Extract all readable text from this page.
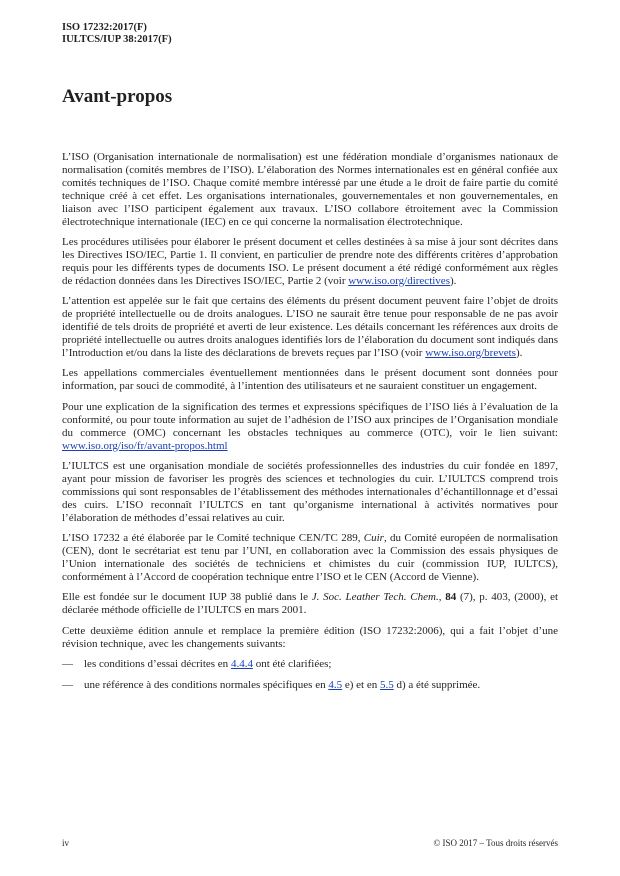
ISO 17232:2017(F)
IULTCS/IUP 38:2017(F)
Avant-propos

L’ISO (Organisation internationale de normalisation) est une fédération mondiale d’organismes nationaux de normalisation (comités membres de l’ISO). L’élaboration des Normes internationales est en général confiée aux comités techniques de l’ISO. Chaque comité membre intéressé par une étude a le droit de faire partie du comité technique créé à cet effet. Les organisations internationales, gouvernementales et non gouvernementales, en liaison avec l’ISO participent également aux travaux. L’ISO collabore étroitement avec la Commission électrotechnique internationale (IEC) en ce qui concerne la normalisation électrotechnique.

Les procédures utilisées pour élaborer le présent document et celles destinées à sa mise à jour sont décrites dans les Directives ISO/IEC, Partie 1. Il convient, en particulier de prendre note des différents critères d’approbation requis pour les différents types de documents ISO. Le présent document a été rédigé conformément aux règles de rédaction données dans les Directives ISO/IEC, Partie 2 (voir www.iso.org/directives).

L’attention est appelée sur le fait que certains des éléments du présent document peuvent faire l’objet de droits de propriété intellectuelle ou de droits analogues. L’ISO ne saurait être tenue pour responsable de ne pas avoir identifié de tels droits de propriété et averti de leur existence. Les détails concernant les références aux droits de propriété intellectuelle ou autres droits analogues identifiés lors de l’élaboration du document sont indiqués dans l’Introduction et/ou dans la liste des déclarations de brevets reçues par l’ISO (voir www.iso.org/brevets).

Les appellations commerciales éventuellement mentionnées dans le présent document sont données pour information, par souci de commodité, à l’intention des utilisateurs et ne sauraient constituer un engagement.

Pour une explication de la signification des termes et expressions spécifiques de l’ISO liés à l’évaluation de la conformité, ou pour toute information au sujet de l’adhésion de l’ISO aux principes de l’Organisation mondiale du commerce (OMC) concernant les obstacles techniques au commerce (OTC), voir le lien suivant: www.iso.org/iso/fr/avant-propos.html

L’IULTCS est une organisation mondiale de sociétés professionnelles des industries du cuir fondée en 1897, ayant pour mission de favoriser les progrès des sciences et technologies du cuir. L’IULTCS comprend trois commissions qui sont responsables de l’établissement des méthodes internationales d’échantillonnage et d’essai des cuirs. L’ISO reconnaît l’IULTCS en tant qu’organisme international à activités normatives pour l’élaboration de méthodes d’essai relatives au cuir.

L’ISO 17232 a été élaborée par le Comité technique CEN/TC 289, Cuir, du Comité européen de normalisation (CEN), dont le secrétariat est tenu par l’UNI, en collaboration avec la Commission des essais physiques de l’Union internationale des sociétés de techniciens et chimistes du cuir (commission IUP, IULTCS), conformément à l’Accord de coopération technique entre l’ISO et le CEN (Accord de Vienne).

Elle est fondée sur le document IUP 38 publié dans le J. Soc. Leather Tech. Chem., 84 (7), p. 403, (2000), et déclarée méthode officielle de l’IULTCS en mars 2001.

Cette deuxième édition annule et remplace la première édition (ISO 17232:2006), qui a fait l’objet d’une révision technique, avec les changements suivants:

—    les conditions d’essai décrites en 4.4.4 ont été clarifiées;

—    une référence à des conditions normales spécifiques en 4.5 e) et en 5.5 d) a été supprimée.

iv	© ISO 2017 – Tous droits réservés
